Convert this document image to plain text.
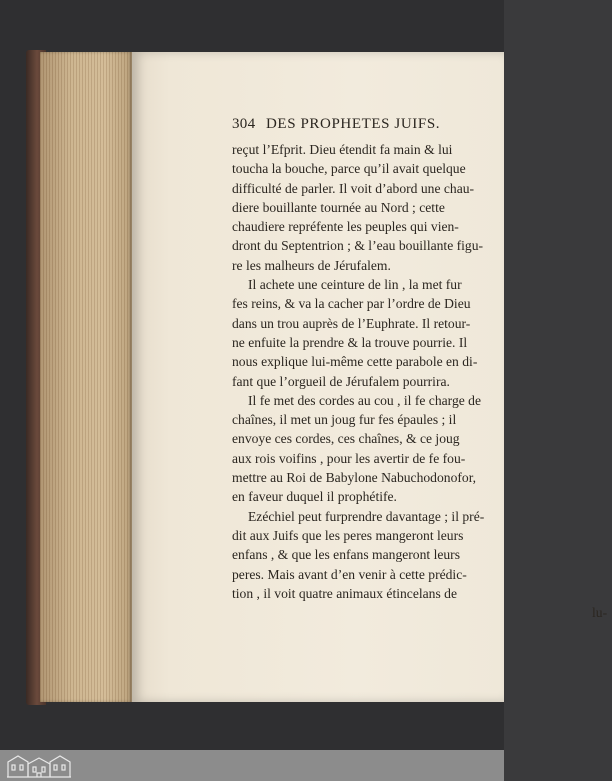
304 DES PROPHETES JUIFS.
reçut l’Efprit. Dieu étendit fa main & lui
toucha la bouche, parce qu’il avait quelque
difficulté de parler. Il voit d’abord une chau-
diere bouillante tournée au Nord ; cette
chaudiere repréfente les peuples qui vien-
dront du Septentrion ; & l’eau bouillante figu-
re les malheurs de Jérufalem.
Il achete une ceinture de lin , la met fur
fes reins, & va la cacher par l’ordre de Dieu
dans un trou auprès de l’Euphrate. Il retour-
ne enfuite la prendre & la trouve pourrie. Il
nous explique lui-même cette parabole en di-
fant que l’orgueil de Jérufalem pourrira.
Il fe met des cordes au cou , il fe charge de
chaînes, il met un joug fur fes épaules ; il
envoye ces cordes, ces chaînes, & ce joug
aux rois voifins , pour les avertir de fe fou-
mettre au Roi de Babylone Nabuchodonofor,
en faveur duquel il prophétife.
Ezéchiel peut furprendre davantage ; il pré-
dit aux Juifs que les peres mangeront leurs
enfans , & que les enfans mangeront leurs
peres. Mais avant d’en venir à cette prédic-
tion , il voit quatre animaux étincelans de
lu-
